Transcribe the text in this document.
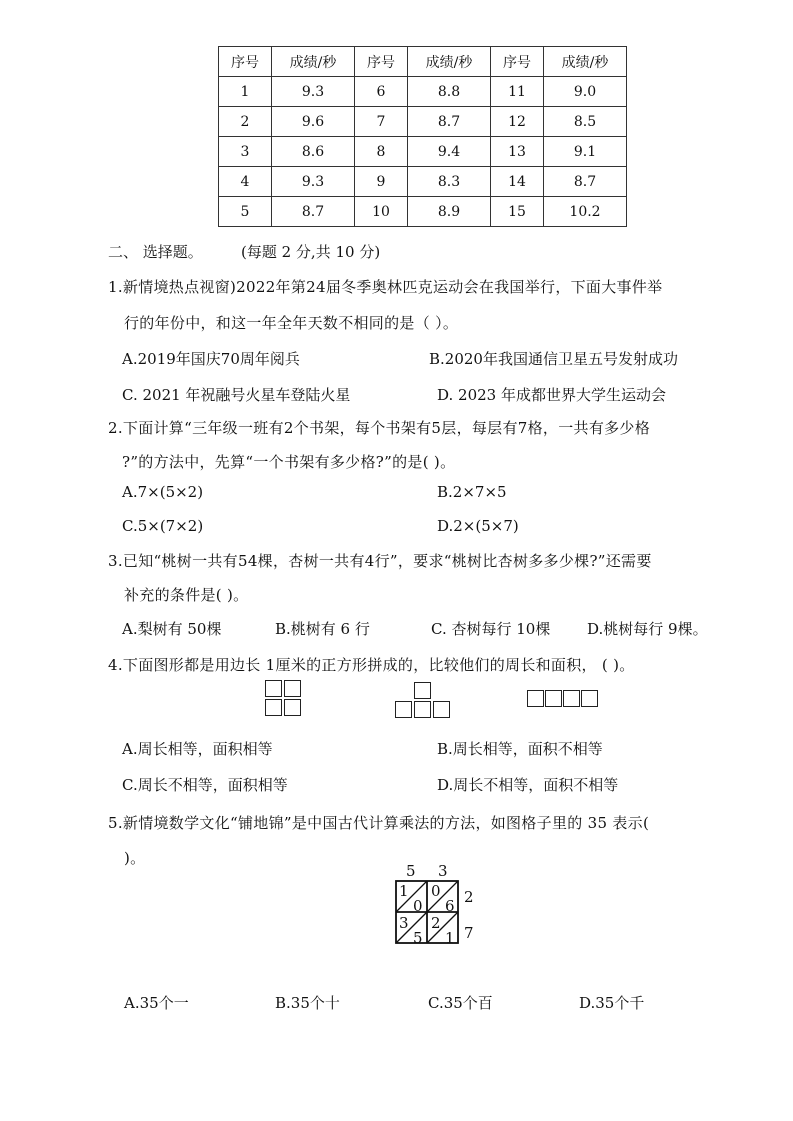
序号	成绩/秒	序号	成绩/秒	序号	成绩/秒
1	9.3	6	8.8	11	9.0
2	9.6	7	8.7	12	8.5
3	8.6	8	9.4	13	9.1
4	9.3	9	8.3	14	8.7
5	8.7	10	8.9	15	10.2
二、 选择题。	(每题 2 分,共 10 分)
1.新情境热点视窗)2022年第24届冬季奥林匹克运动会在我国举行，下面大事件举
行的年份中，和这一年全年天数不相同的是（ ）。
A.2019年国庆70周年阅兵	B.2020年我国通信卫星五号发射成功
C. 2021 年祝融号火星车登陆火星	D. 2023 年成都世界大学生运动会
2.下面计算“三年级一班有2个书架，每个书架有5层，每层有7格，一共有多少格
?”的方法中，先算“一个书架有多少格?”的是( )。
A.7×(5×2)	B.2×7×5
C.5×(7×2)	D.2×(5×7)
3.已知“桃树一共有54棵，杏树一共有4行”，要求“桃树比杏树多多少棵?”还需要
补充的条件是( )。
A.梨树有 50棵	B.桃树有 6 行	C. 杏树每行 10棵 D.桃树每行 9棵。
4.下面图形都是用边长 1厘米的正方形拼成的，比较他们的周长和面积， ( )。
A.周长相等，面积相等	B.周长相等，面积不相等
C.周长不相等，面积相等	D.周长不相等，面积不相等
5.新情境数学文化“铺地锦”是中国古代计算乘法的方法，如图格子里的 35 表示(
)。
5 3
2
7
1
0
0
6
3
5
2
1
A.35个一	B.35个十	C.35个百	D.35个千
